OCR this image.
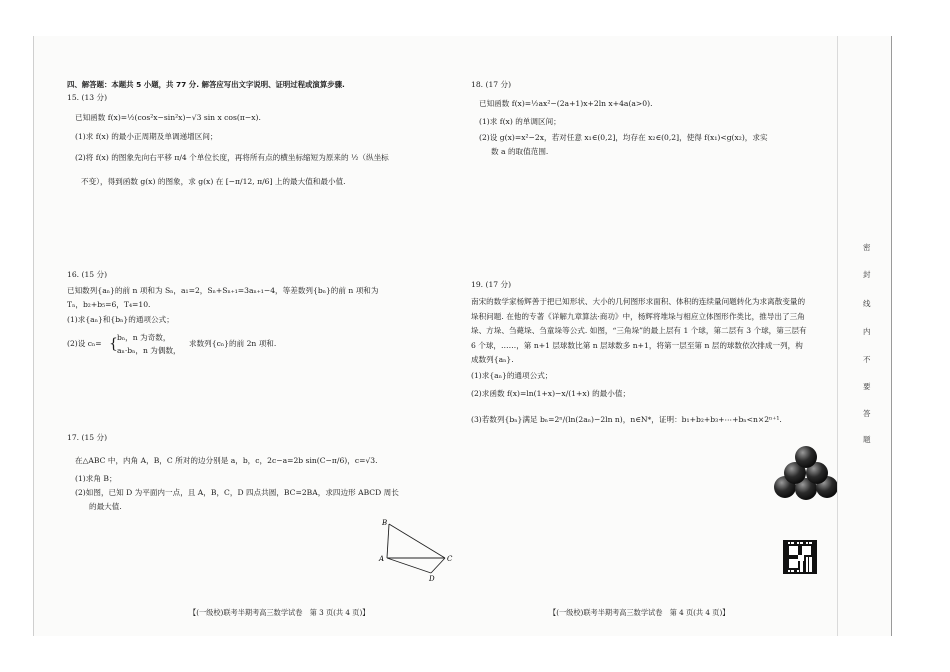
四、解答题：本题共 5 小题，共 77 分. 解答应写出文字说明、证明过程或演算步骤.
15. (13 分)
已知函数 f(x)=½(cos²x−sin²x)−√3 sin x cos(π−x).
(1)求 f(x) 的最小正周期及单调递增区间；
(2)将 f(x) 的图象先向右平移 π/4 个单位长度，再将所有点的横坐标缩短为原来的 ½（纵坐标
不变），得到函数 g(x) 的图象，求 g(x) 在 [−π/12, π/6] 上的最大值和最小值.
16. (15 分)
已知数列{aₙ}的前 n 项和为 Sₙ，a₁=2，Sₙ+Sₙ₊₁=3aₙ₊₁−4，等差数列{bₙ}的前 n 项和为
Tₙ，b₂+b₅=6，T₄=10.
(1)求{aₙ}和{bₙ}的通项公式；
(2)设 cₙ= { bₙ，n 为奇数，
aₙ·bₙ，n 为偶数，
求数列{cₙ}的前 2n 项和.
17. (15 分)
在△ABC 中，内角 A，B，C 所对的边分别是 a，b，c，2c−a=2b sin(C−π/6)，c=√3.
(1)求角 B；
(2)如图，已知 D 为平面内一点，且 A，B，C，D 四点共圆，BC=2BA，求四边形 ABCD 周长
的最大值.
B
A	C
D
【(一级校)联考半期考高三数学试卷　第 3 页(共 4 页)】
18. (17 分)
已知函数 f(x)=½ax²−(2a+1)x+2ln x+4a(a>0).
(1)求 f(x) 的单调区间；
(2)设 g(x)=x²−2x，若对任意 x₁∈(0,2]，均存在 x₂∈(0,2]，使得 f(x₁)<g(x₂)，求实
数 a 的取值范围.
19. (17 分)
南宋的数学家杨辉善于把已知形状、大小的几何图形求面积、体积的连续量问题转化为求离散变量的垛积问题. 在他的专著《详解九章算法·商功》中，杨辉将堆垛与相应立体图形作类比，推导出了三角垛、方垛、刍薨垛、刍童垛等公式. 如图，“三角垛”的最上层有 1 个球，第二层有 3 个球，第三层有 6 个球，……，第 n+1 层球数比第 n 层球数多 n+1，将第一层至第 n 层的球数依次排成一列，构成数列{aₙ}.
(1)求{aₙ}的通项公式；
(2)求函数 f(x)=ln(1+x)−x/(1+x) 的最小值；
(3)若数列{bₙ}满足 bₙ=2ⁿ/(ln(2aₙ)−2ln n)，n∈N*，证明：b₁+b₂+b₃+⋯+bₙ<n×2ⁿ⁺¹.
【(一级校)联考半期考高三数学试卷　第 4 页(共 4 页)】
密
封
线
内
不
要
答
题
